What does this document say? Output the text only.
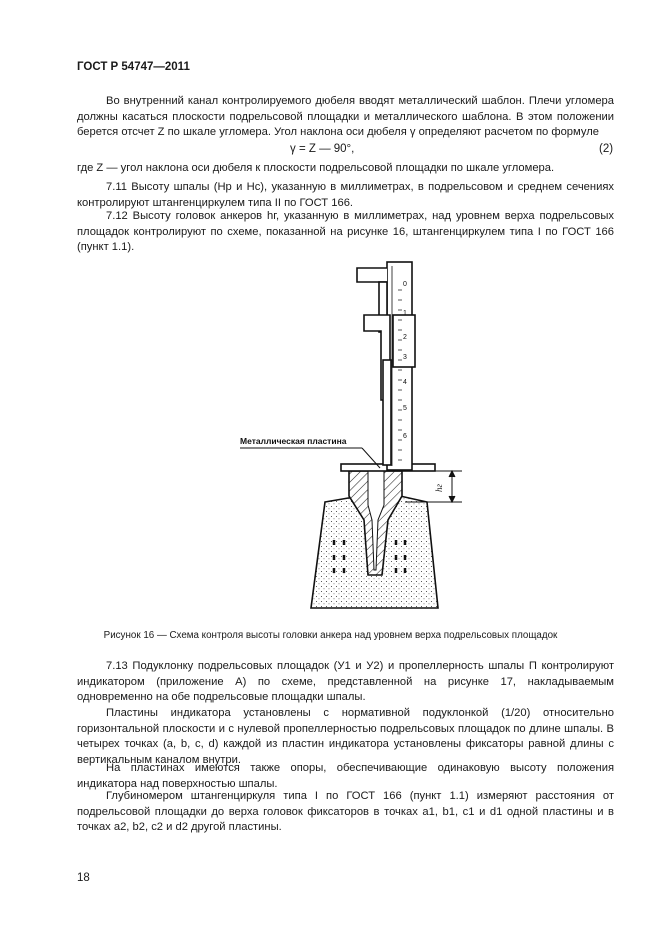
ГОСТ Р 54747—2011

Во внутренний канал контролируемого дюбеля вводят металлический шаблон. Плечи угломера должны касаться плоскости подрельсовой площадки и металлического шаблона. В этом положении берется отсчет Z по шкале угломера. Угол наклона оси дюбеля γ определяют расчетом по формуле

γ = Z — 90°,	(2)

где Z — угол наклона оси дюбеля к плоскости подрельсовой площадки по шкале угломера.

7.11 Высоту шпалы (Hр и Hс), указанную в миллиметрах, в подрельсовом и среднем сечениях контролируют штангенциркулем типа II по ГОСТ 166.

7.12 Высоту головок анкеров hг, указанную в миллиметрах, над уровнем верха подрельсовых площадок контролируют по схеме, показанной на рисунке 16, штангенциркулем типа I по ГОСТ 166 (пункт 1.1).

0
1
2
3
4
5
6
Металлическая пластина
hг
Рисунок 16 — Схема контроля высоты головки анкера над уровнем верха подрельсовых площадок

7.13 Подуклонку подрельсовых площадок (У1 и У2) и пропеллерность шпалы П контролируют индикатором (приложение А) по схеме, представленной на рисунке 17, накладываемым одновременно на обе подрельсовые площадки шпалы.

Пластины индикатора установлены с нормативной подуклонкой (1/20) относительно горизонтальной плоскости и с нулевой пропеллерностью подрельсовых площадок по длине шпалы. В четырех точках (a, b, c, d) каждой из пластин индикатора установлены фиксаторы равной длины с вертикальным каналом внутри.

На пластинах имеются также опоры, обеспечивающие одинаковую высоту положения индикатора над поверхностью шпалы.

Глубиномером штангенциркуля типа I по ГОСТ 166 (пункт 1.1) измеряют расстояния от подрельсовой площадки до верха головок фиксаторов в точках a1, b1, c1 и d1 одной пластины и в точках a2, b2, c2 и d2 другой пластины.

18
